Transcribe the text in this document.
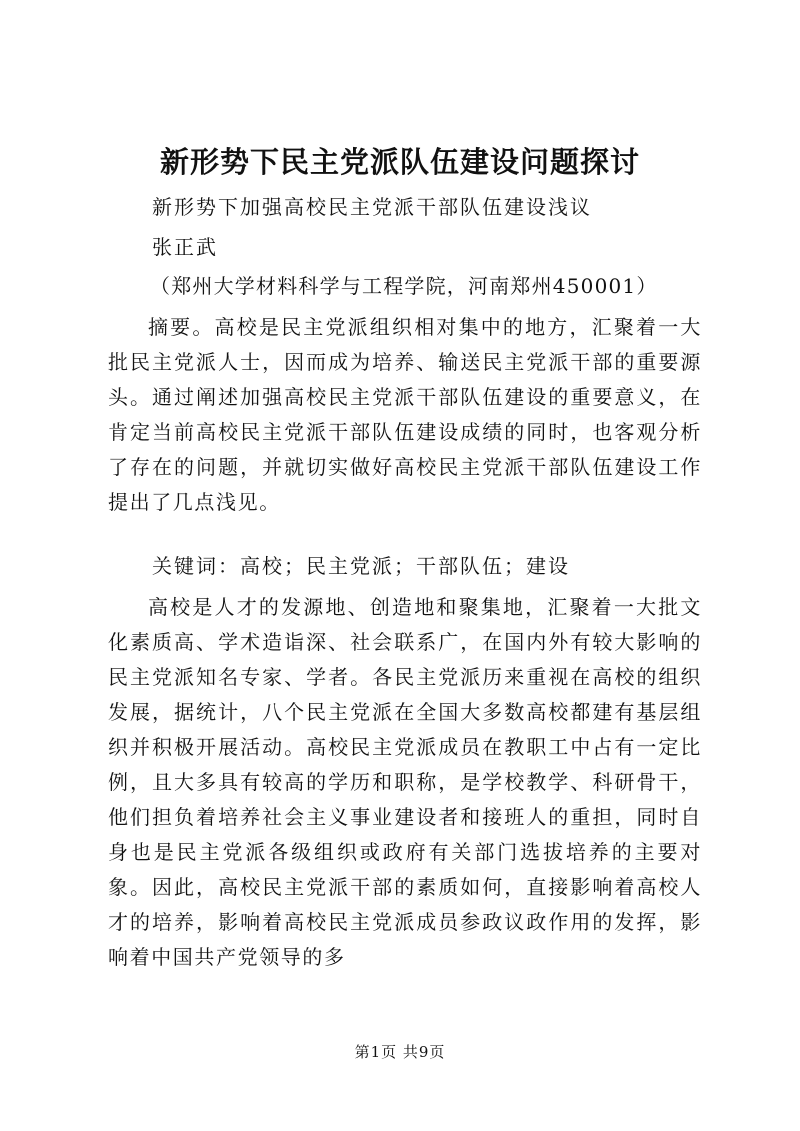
新形势下民主党派队伍建设问题探讨
新形势下加强高校民主党派干部队伍建设浅议
张正武
（郑州大学材料科学与工程学院，河南郑州450001）
摘要。高校是民主党派组织相对集中的地方，汇聚着一大批民主党派人士，因而成为培养、输送民主党派干部的重要源头。通过阐述加强高校民主党派干部队伍建设的重要意义，在肯定当前高校民主党派干部队伍建设成绩的同时，也客观分析了存在的问题，并就切实做好高校民主党派干部队伍建设工作提出了几点浅见。
关键词：高校；民主党派；干部队伍；建设
高校是人才的发源地、创造地和聚集地，汇聚着一大批文化素质高、学术造诣深、社会联系广，在国内外有较大影响的民主党派知名专家、学者。各民主党派历来重视在高校的组织发展，据统计，八个民主党派在全国大多数高校都建有基层组织并积极开展活动。高校民主党派成员在教职工中占有一定比例，且大多具有较高的学历和职称，是学校教学、科研骨干，他们担负着培养社会主义事业建设者和接班人的重担，同时自身也是民主党派各级组织或政府有关部门选拔培养的主要对象。因此，高校民主党派干部的素质如何，直接影响着高校人才的培养，影响着高校民主党派成员参政议政作用的发挥，影响着中国共产党领导的多
第1页 共9页
